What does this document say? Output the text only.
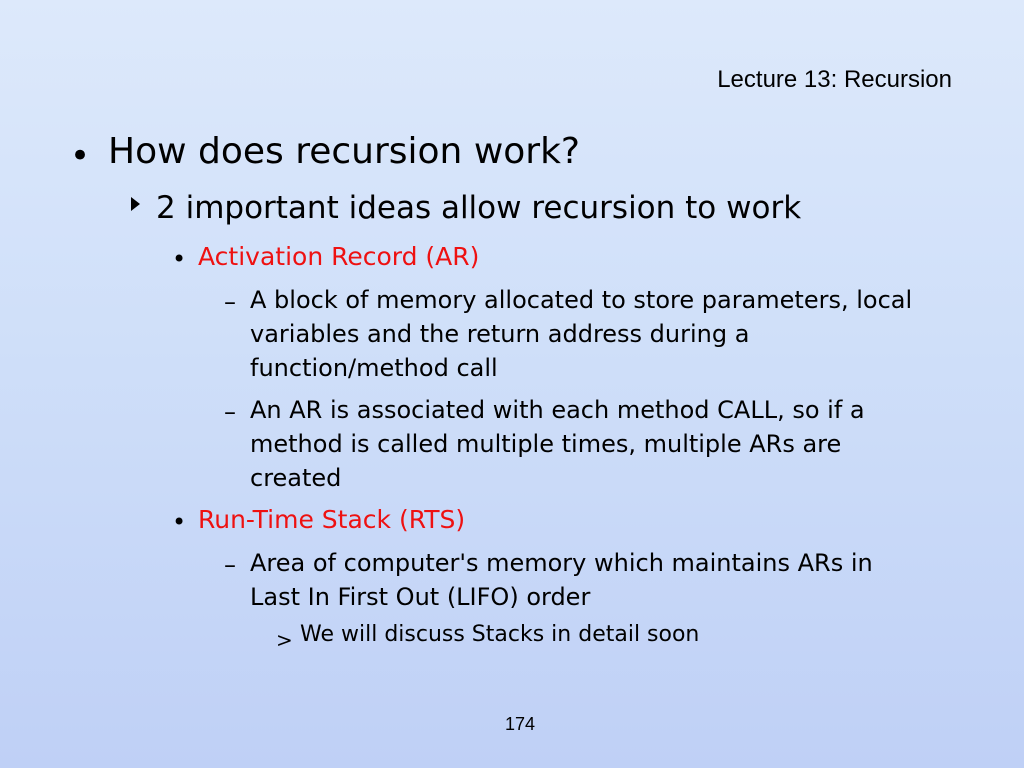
Lecture 13: Recursion
• How does recursion work?
2 important ideas allow recursion to work
• Activation Record (AR)
– A block of memory allocated to store parameters, local
variables and the return address during a
function/method call
– An AR is associated with each method CALL, so if a
method is called multiple times, multiple ARs are
created
• Run-Time Stack (RTS)
– Area of computer's memory which maintains ARs in
Last In First Out (LIFO) order
> We will discuss Stacks in detail soon
174
